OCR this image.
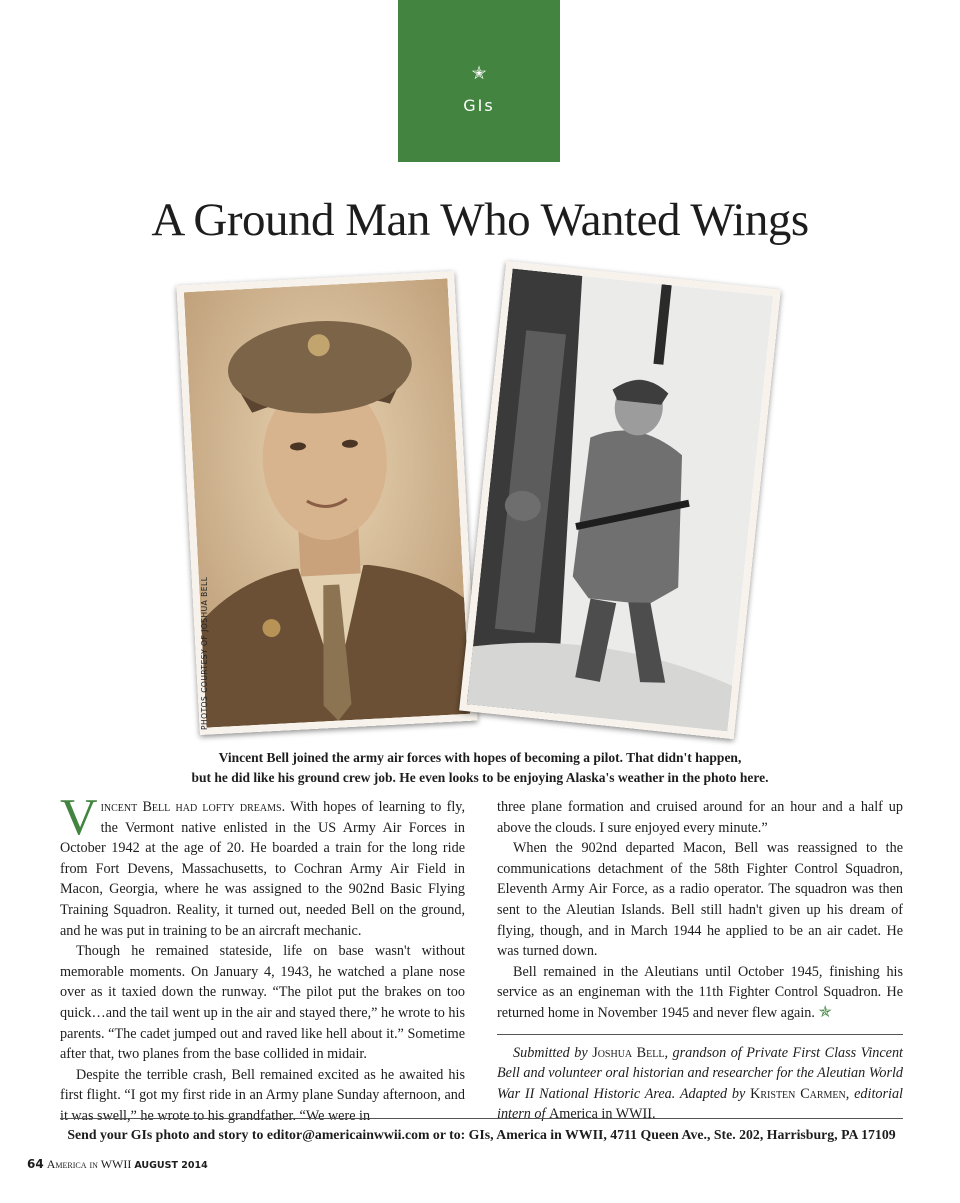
✭
GIs
A Ground Man Who Wanted Wings
PHOTOS COURTESY OF JOSHUA BELL
Vincent Bell joined the army air forces with hopes of becoming a pilot. That didn't happen,
but he did like his ground crew job. He even looks to be enjoying Alaska's weather in the photo here.

Vincent Bell had lofty dreams. With hopes of learning to fly, the Vermont native enlisted in the US Army Air Forces in October 1942 at the age of 20. He boarded a train for the long ride from Fort Devens, Massachusetts, to Cochran Army Air Field in Macon, Georgia, where he was assigned to the 902nd Basic Flying Training Squadron. Reality, it turned out, needed Bell on the ground, and he was put in training to be an aircraft mechanic.

Though he remained stateside, life on base wasn't without memorable moments. On January 4, 1943, he watched a plane nose over as it taxied down the runway. “The pilot put the brakes on too quick…and the tail went up in the air and stayed there,” he wrote to his parents. “The cadet jumped out and raved like hell about it.” Sometime after that, two planes from the base collided in midair.

Despite the terrible crash, Bell remained excited as he awaited his first flight. “I got my first ride in an Army plane Sunday afternoon, and it was swell,” he wrote to his grandfather. “We were in

three plane formation and cruised around for an hour and a half up above the clouds. I sure enjoyed every minute.”

When the 902nd departed Macon, Bell was reassigned to the communications detachment of the 58th Fighter Control Squadron, Eleventh Army Air Force, as a radio operator. The squadron was then sent to the Aleutian Islands. Bell still hadn't given up his dream of flying, though, and in March 1944 he applied to be an air cadet. He was turned down.

Bell remained in the Aleutians until October 1945, finishing his service as an engineman with the 11th Fighter Control Squadron. He returned home in November 1945 and never flew again. ✯

Submitted by Joshua Bell, grandson of Private First Class Vincent Bell and volunteer oral historian and researcher for the Aleutian World War II National Historic Area. Adapted by Kristen Carmen, editorial intern of America in WWII.

Send your GIs photo and story to editor@americainwwii.com or to: GIs, America in WWII, 4711 Queen Ave., Ste. 202, Harrisburg, PA 17109
64 America in WWII AUGUST 2014
